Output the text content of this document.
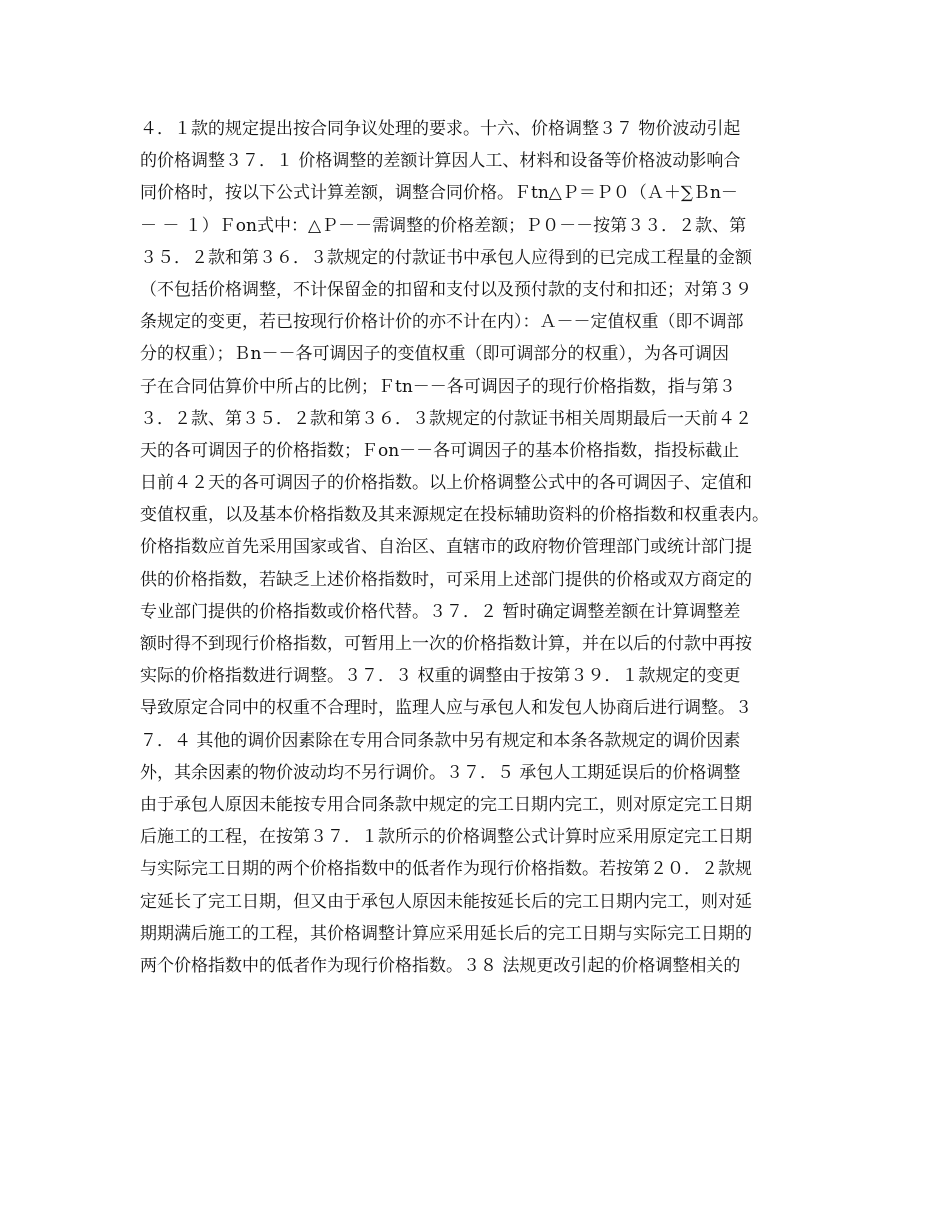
４．１款的规定提出按合同争议处理的要求。十六、价格调整３７ 物价波动引起
的价格调整３７．１ 价格调整的差额计算因人工、材料和设备等价格波动影响合
同价格时，按以下公式计算差额，调整合同价格。Ｆtn△Ｐ＝Ｐ０（Ａ＋∑Ｂn－
－ － １）Ｆon式中：△Ｐ－－需调整的价格差额；Ｐ０－－按第３３．２款、第
３５．２款和第３６．３款规定的付款证书中承包人应得到的已完成工程量的金额
（不包括价格调整，不计保留金的扣留和支付以及预付款的支付和扣还；对第３９
条规定的变更，若已按现行价格计价的亦不计在内）：Ａ－－定值权重（即不调部
分的权重）；Ｂn－－各可调因子的变值权重（即可调部分的权重），为各可调因
子在合同估算价中所占的比例；Ｆtn－－各可调因子的现行价格指数，指与第３
３．２款、第３５．２款和第３６．３款规定的付款证书相关周期最后一天前４２
天的各可调因子的价格指数；Ｆon－－各可调因子的基本价格指数，指投标截止
日前４２天的各可调因子的价格指数。以上价格调整公式中的各可调因子、定值和
变值权重，以及基本价格指数及其来源规定在投标辅助资料的价格指数和权重表内。
价格指数应首先采用国家或省、自治区、直辖市的政府物价管理部门或统计部门提
供的价格指数，若缺乏上述价格指数时，可采用上述部门提供的价格或双方商定的
专业部门提供的价格指数或价格代替。３７．２ 暂时确定调整差额在计算调整差
额时得不到现行价格指数，可暂用上一次的价格指数计算，并在以后的付款中再按
实际的价格指数进行调整。３７．３ 权重的调整由于按第３９．１款规定的变更
导致原定合同中的权重不合理时，监理人应与承包人和发包人协商后进行调整。３
７．４ 其他的调价因素除在专用合同条款中另有规定和本条各款规定的调价因素
外，其余因素的物价波动均不另行调价。３７．５ 承包人工期延误后的价格调整
由于承包人原因未能按专用合同条款中规定的完工日期内完工，则对原定完工日期
后施工的工程，在按第３７．１款所示的价格调整公式计算时应采用原定完工日期
与实际完工日期的两个价格指数中的低者作为现行价格指数。若按第２０．２款规
定延长了完工日期，但又由于承包人原因未能按延长后的完工日期内完工，则对延
期期满后施工的工程，其价格调整计算应采用延长后的完工日期与实际完工日期的
两个价格指数中的低者作为现行价格指数。３８ 法规更改引起的价格调整相关的
